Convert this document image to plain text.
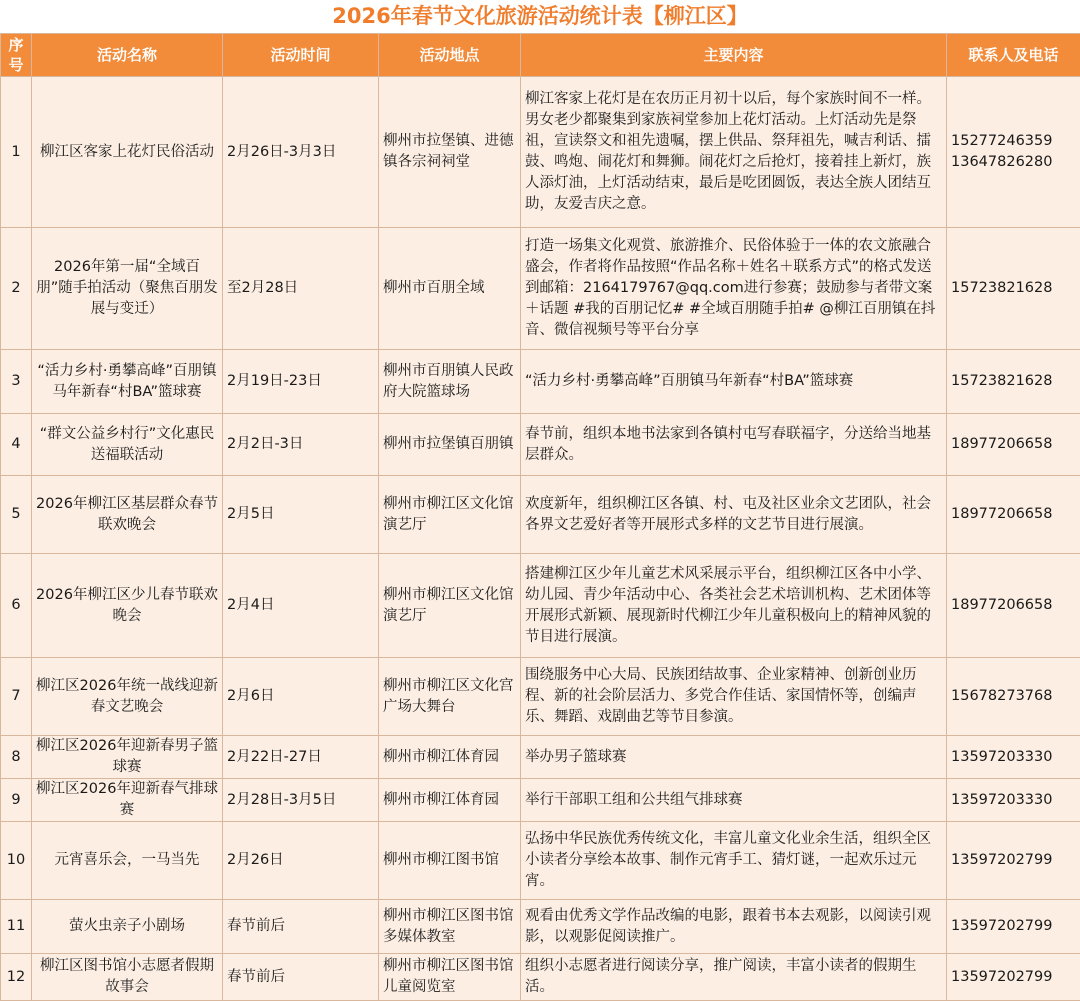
2026年春节文化旅游活动统计表【柳江区】
序号	活动名称	活动时间	活动地点	主要内容	联系人及电话
1	柳江区客家上花灯民俗活动	2月26日-3月3日	柳州市拉堡镇、进德镇各宗祠祠堂	柳江客家上花灯是在农历正月初十以后，每个家族时间不一样。男女老少都聚集到家族祠堂参加上花灯活动。上灯活动先是祭祖，宣读祭文和祖先遗嘱，摆上供品、祭拜祖先，喊吉利话、擂鼓、鸣炮、闹花灯和舞狮。闹花灯之后抢灯，接着挂上新灯，族人添灯油，上灯活动结束，最后是吃团圆饭，表达全族人团结互助，友爱吉庆之意。	15277246359
13647826280
2	2026年第一届“全域百朋”随手拍活动（聚焦百朋发展与变迁）	至2月28日	柳州市百朋全域	打造一场集文化观赏、旅游推介、民俗体验于一体的农文旅融合盛会，作者将作品按照“作品名称＋姓名＋联系方式”的格式发送到邮箱：2164179767@qq.com进行参赛；鼓励参与者带文案＋话题 #我的百朋记忆# #全域百朋随手拍# @柳江百朋镇在抖音、微信视频号等平台分享	15723821628
3	“活力乡村·勇攀高峰”百朋镇马年新春“村BA”篮球赛	2月19日-23日	柳州市百朋镇人民政府大院篮球场	“活力乡村·勇攀高峰”百朋镇马年新春“村BA”篮球赛	15723821628
4	“群文公益乡村行”文化惠民送福联活动	2月2日-3日	柳州市拉堡镇百朋镇	春节前，组织本地书法家到各镇村屯写春联福字，分送给当地基层群众。	18977206658
5	2026年柳江区基层群众春节联欢晚会	2月5日	柳州市柳江区文化馆演艺厅	欢度新年，组织柳江区各镇、村、屯及社区业余文艺团队，社会各界文艺爱好者等开展形式多样的文艺节目进行展演。	18977206658
6	2026年柳江区少儿春节联欢晚会	2月4日	柳州市柳江区文化馆演艺厅	搭建柳江区少年儿童艺术风采展示平台，组织柳江区各中小学、幼儿园、青少年活动中心、各类社会艺术培训机构、艺术团体等开展形式新颖、展现新时代柳江少年儿童积极向上的精神风貌的节目进行展演。	18977206658
7	柳江区2026年统一战线迎新春文艺晚会	2月6日	柳州市柳江区文化宫广场大舞台	围绕服务中心大局、民族团结故事、企业家精神、创新创业历程、新的社会阶层活力、多党合作佳话、家国情怀等，创编声乐、舞蹈、戏剧曲艺等节目参演。	15678273768
8	柳江区2026年迎新春男子篮球赛	2月22日-27日	柳州市柳江体育园	举办男子篮球赛	13597203330
9	柳江区2026年迎新春气排球赛	2月28日-3月5日	柳州市柳江体育园	举行干部职工组和公共组气排球赛	13597203330
10	元宵喜乐会，一马当先	2月26日	柳州市柳江图书馆	弘扬中华民族优秀传统文化，丰富儿童文化业余生活，组织全区小读者分享绘本故事、制作元宵手工、猜灯谜，一起欢乐过元宵。	13597202799
11	萤火虫亲子小剧场	春节前后	柳州市柳江区图书馆多媒体教室	观看由优秀文学作品改编的电影，跟着书本去观影，以阅读引观影，以观影促阅读推广。	13597202799
12	柳江区图书馆小志愿者假期故事会	春节前后	柳州市柳江区图书馆儿童阅览室	组织小志愿者进行阅读分享，推广阅读，丰富小读者的假期生活。	13597202799
